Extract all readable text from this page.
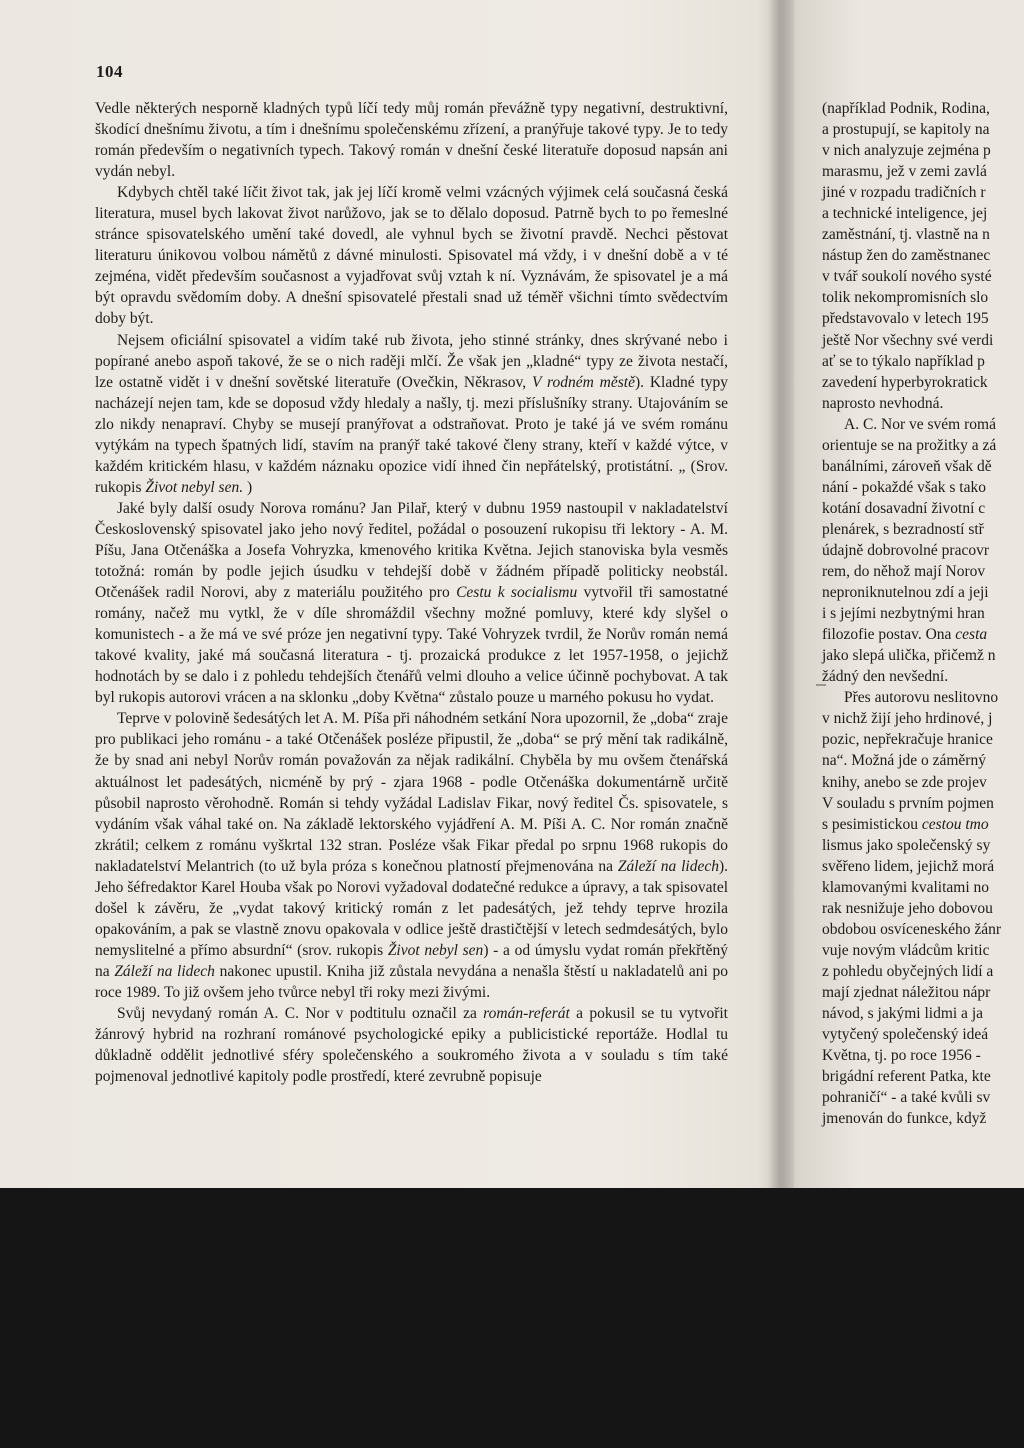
104

Vedle některých nesporně kladných typů líčí tedy můj román převážně typy negativní, destruktivní, škodící dnešnímu životu, a tím i dnešnímu společenskému zřízení, a pranýřuje takové typy. Je to tedy román především o negativních typech. Takový román v dnešní české literatuře doposud napsán ani vydán nebyl.

Kdybych chtěl také líčit život tak, jak jej líčí kromě velmi vzácných výjimek celá současná česká literatura, musel bych lakovat život narůžovo, jak se to dělalo doposud. Patrně bych to po řemeslné stránce spisovatelského umění také dovedl, ale vyhnul bych se životní pravdě. Nechci pěstovat literaturu únikovou volbou námětů z dávné minulosti. Spisovatel má vždy, i v dnešní době a v té zejména, vidět především současnost a vyjadřovat svůj vztah k ní. Vyznávám, že spisovatel je a má být opravdu svědomím doby. A dnešní spisovatelé přestali snad už téměř všichni tímto svědectvím doby být.

Nejsem oficiální spisovatel a vidím také rub života, jeho stinné stránky, dnes skrývané nebo i popírané anebo aspoň takové, že se o nich raději mlčí. Že však jen „kladné“ typy ze života nestačí, lze ostatně vidět i v dnešní sovětské literatuře (Ovečkin, Někrasov, V rodném městě). Kladné typy nacházejí nejen tam, kde se doposud vždy hledaly a našly, tj. mezi příslušníky strany. Utajováním se zlo nikdy nenapraví. Chyby se musejí pranýřovat a odstraňovat. Proto je také já ve svém románu vytýkám na typech špatných lidí, stavím na pranýř také takové členy strany, kteří v každé výtce, v každém kritickém hlasu, v každém náznaku opozice vidí ihned čin nepřátelský, protistátní. „ (Srov. rukopis Život nebyl sen. )

Jaké byly další osudy Norova románu? Jan Pilař, který v dubnu 1959 nastoupil v nakladatelství Československý spisovatel jako jeho nový ředitel, požádal o posouzení rukopisu tři lektory - A. M. Píšu, Jana Otčenáška a Josefa Vohryzka, kmenového kritika Května. Jejich stanoviska byla vesměs totožná: román by podle jejich úsudku v tehdejší době v žádném případě politicky neobstál. Otčenášek radil Norovi, aby z materiálu použitého pro Cestu k socialismu vytvořil tři samostatné romány, načež mu vytkl, že v díle shromáždil všechny možné pomluvy, které kdy slyšel o komunistech - a že má ve své próze jen negativní typy. Také Vohryzek tvrdil, že Norův román nemá takové kvality, jaké má současná literatura - tj. prozaická produkce z let 1957-1958, o jejichž hodnotách by se dalo i z pohledu tehdejších čtenářů velmi dlouho a velice účinně pochybovat. A tak byl rukopis autorovi vrácen a na sklonku „doby Května“ zůstalo pouze u marného pokusu ho vydat.

Teprve v polovině šedesátých let A. M. Píša při náhodném setkání Nora upozornil, že „doba“ zraje pro publikaci jeho románu - a také Otčenášek posléze připustil, že „doba“ se prý mění tak radikálně, že by snad ani nebyl Norův román považován za nějak radikální. Chyběla by mu ovšem čtenářská aktuálnost let padesátých, nicméně by prý - zjara 1968 - podle Otčenáška dokumentárně určitě působil naprosto věrohodně. Román si tehdy vyžádal Ladislav Fikar, nový ředitel Čs. spisovatele, s vydáním však váhal také on. Na základě lektorského vyjádření A. M. Píši A. C. Nor román značně zkrátil; celkem z románu vyškrtal 132 stran. Posléze však Fikar předal po srpnu 1968 rukopis do nakladatelství Melantrich (to už byla próza s konečnou platností přejmenována na Záleží na lidech). Jeho šéfredaktor Karel Houba však po Norovi vyžadoval dodatečné redukce a úpravy, a tak spisovatel došel k závěru, že „vydat takový kritický román z let padesátých, jež tehdy teprve hrozila opakováním, a pak se vlastně znovu opakovala v odlice ještě drastičtější v letech sedmdesátých, bylo nemyslitelné a přímo absurdní“ (srov. rukopis Život nebyl sen) - a od úmyslu vydat román překřtěný na Záleží na lidech nakonec upustil. Kniha již zůstala nevydána a nenašla štěstí u nakladatelů ani po roce 1989. To již ovšem jeho tvůrce nebyl tři roky mezi živými.

Svůj nevydaný román A. C. Nor v podtitulu označil za román-referát a pokusil se tu vytvořit žánrový hybrid na rozhraní románové psychologické epiky a publicistické reportáže. Hodlal tu důkladně oddělit jednotlivé sféry společenského a soukromého života a v souladu s tím také pojmenoval jednotlivé kapitoly podle prostředí, které zevrubně popisuje

(například Podnik, Rodina,
a prostupují, se kapitoly na
v nich analyzuje zejména p
marasmu, jež v zemi zavlá
jiné v rozpadu tradičních r
a technické inteligence, jej
zaměstnání, tj. vlastně na n
nástup žen do zaměstnanec
v tvář soukolí nového systé
tolik nekompromisních slo
představovalo v letech 195
ještě Nor všechny své verdi
ať se to týkalo například p
zavedení hyperbyrokratick
naprosto nevhodná.
A. C. Nor ve svém romá
orientuje se na prožitky a zá
banálními, zároveň však dě
nání - pokaždé však s tako
kotání dosavadní životní c
plenárek, s bezradností stř
údajně dobrovolné pracovr
rem, do něhož mají Norov
neproniknutelnou zdí a jeji
i s jejími nezbytnými hran
filozofie postav. Ona cesta
jako slepá ulička, přičemž n
žádný den nevšední.
Přes autorovu neslitovno
v nichž žijí jeho hrdinové, j
pozic, nepřekračuje hranice
na“. Možná jde o záměrný
knihy, anebo se zde projev
V souladu s prvním pojmen
s pesimistickou cestou tmo
lismus jako společenský sy
svěřeno lidem, jejichž morá
klamovanými kvalitami no
rak nesnižuje jeho dobovou
obdobou osvíceneského žánr
vuje novým vládcům kritic
z pohledu obyčejných lidí a
mají zjednat náležitou nápr
návod, s jakými lidmi a ja
vytyčený společenský ideá
Května, tj. po roce 1956 -
brigádní referent Patka, kte
pohraničí“ - a také kvůli sv
jmenován do funkce, když
